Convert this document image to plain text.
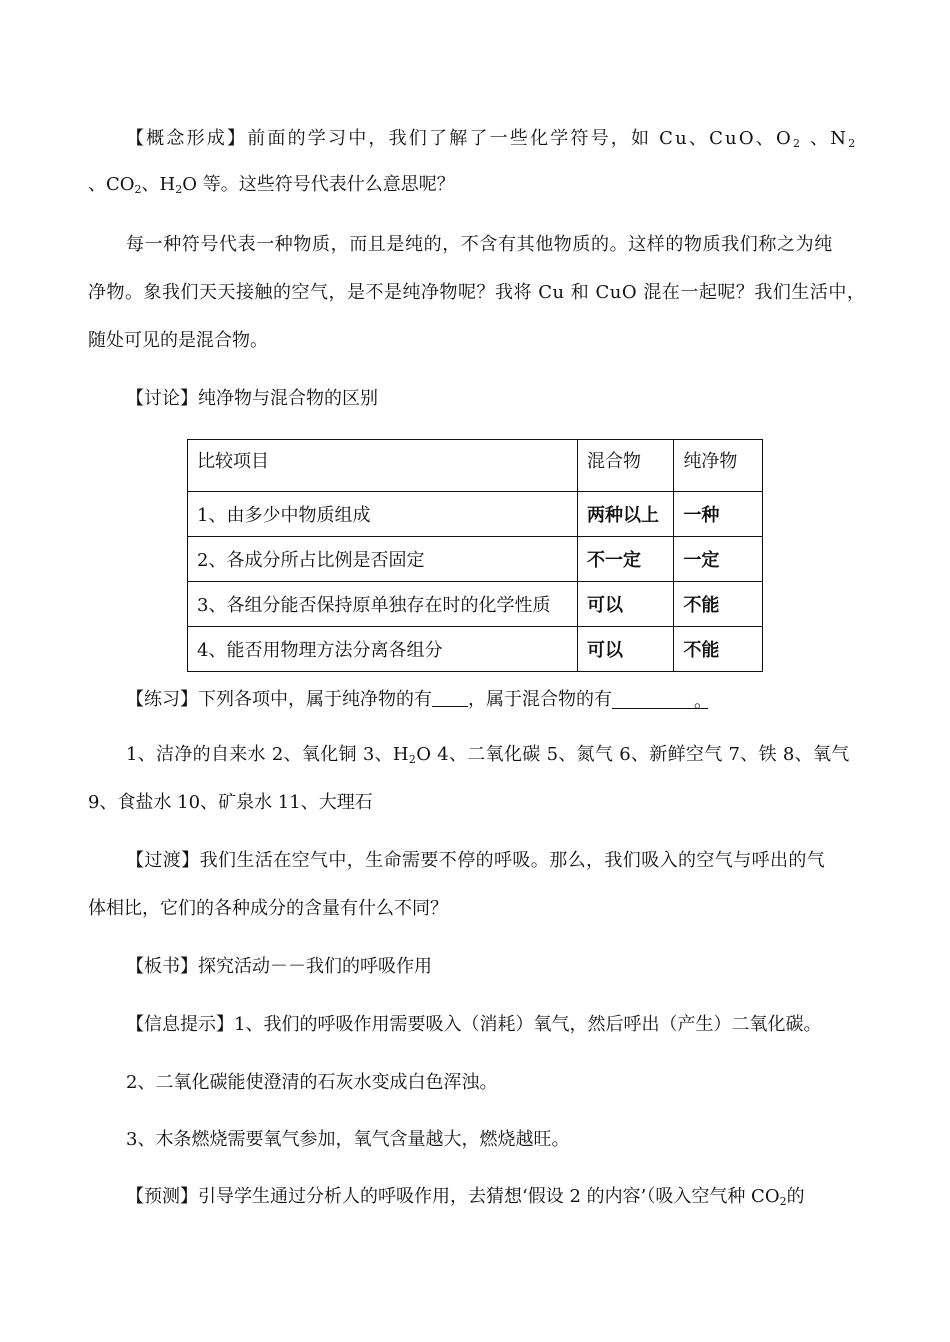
【概念形成】前面的学习中，我们了解了一些化学符号，如 Cu、CuO、$O_2$ 、$N_2$
、$CO_2$、$H_2O$ 等。这些符号代表什么意思呢？
每一种符号代表一种物质，而且是纯的，不含有其他物质的。这样的物质我们称之为纯
净物。象我们天天接触的空气，是不是纯净物呢？我将 Cu 和 CuO 混在一起呢？我们生活中，
随处可见的是混合物。
【讨论】纯净物与混合物的区别
比较项目	混合物	纯净物
1、由多少中物质组成	两种以上	一种
2、各成分所占比例是否固定	不一定	一定
3、各组分能否保持原单独存在时的化学性质	可以	不能
4、能否用物理方法分离各组分	可以	不能
【练习】下列各项中，属于纯净物的有 ，属于混合物的有	。
1、洁净的自来水 2、氧化铜 3、$H_2O$ 4、二氧化碳 5、氮气 6、新鲜空气 7、铁 8、氧气
9、食盐水 10、矿泉水 11、大理石
【过渡】我们生活在空气中，生命需要不停的呼吸。那么，我们吸入的空气与呼出的气
体相比，它们的各种成分的含量有什么不同？
【板书】探究活动－－我们的呼吸作用
【信息提示】1、我们的呼吸作用需要吸入（消耗）氧气，然后呼出（产生）二氧化碳。
2、二氧化碳能使澄清的石灰水变成白色浑浊。
3、木条燃烧需要氧气参加，氧气含量越大，燃烧越旺。
【预测】引导学生通过分析人的呼吸作用，去猜想‘假设 2 的内容’（吸入空气种 $CO_2$的
